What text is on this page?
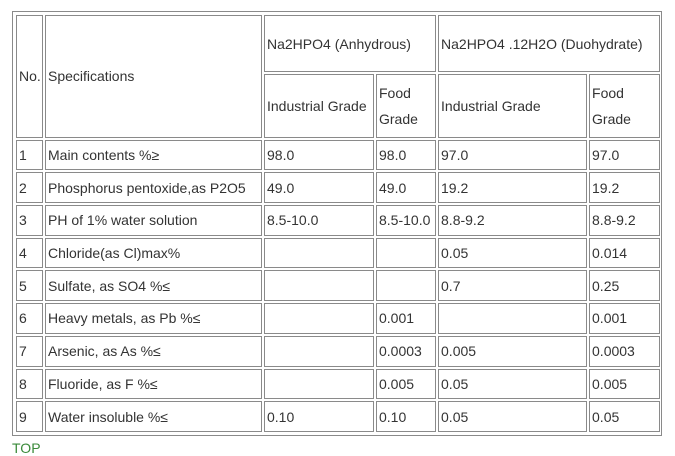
No.	Specifications	Na2HPO4 (Anhydrous)		Na2HPO4 .12H2O (Duohydrate)	
		Industrial Grade	Food Grade	Industrial Grade	Food Grade
1	Main contents %≥	98.0	98.0	97.0	97.0
2	Phosphorus pentoxide,as P2O5	49.0	49.0	19.2	19.2
3	PH of 1% water solution	8.5-10.0	8.5-10.0	8.8-9.2	8.8-9.2
4	Chloride(as Cl)max%			0.05	0.014
5	Sulfate, as SO4 %≤			0.7	0.25
6	Heavy metals, as Pb %≤		0.001		0.001
7	Arsenic, as As %≤		0.0003	0.005	0.0003
8	Fluoride, as F %≤		0.005	0.05	0.005
9	Water insoluble %≤	0.10	0.10	0.05	0.05
TOP
